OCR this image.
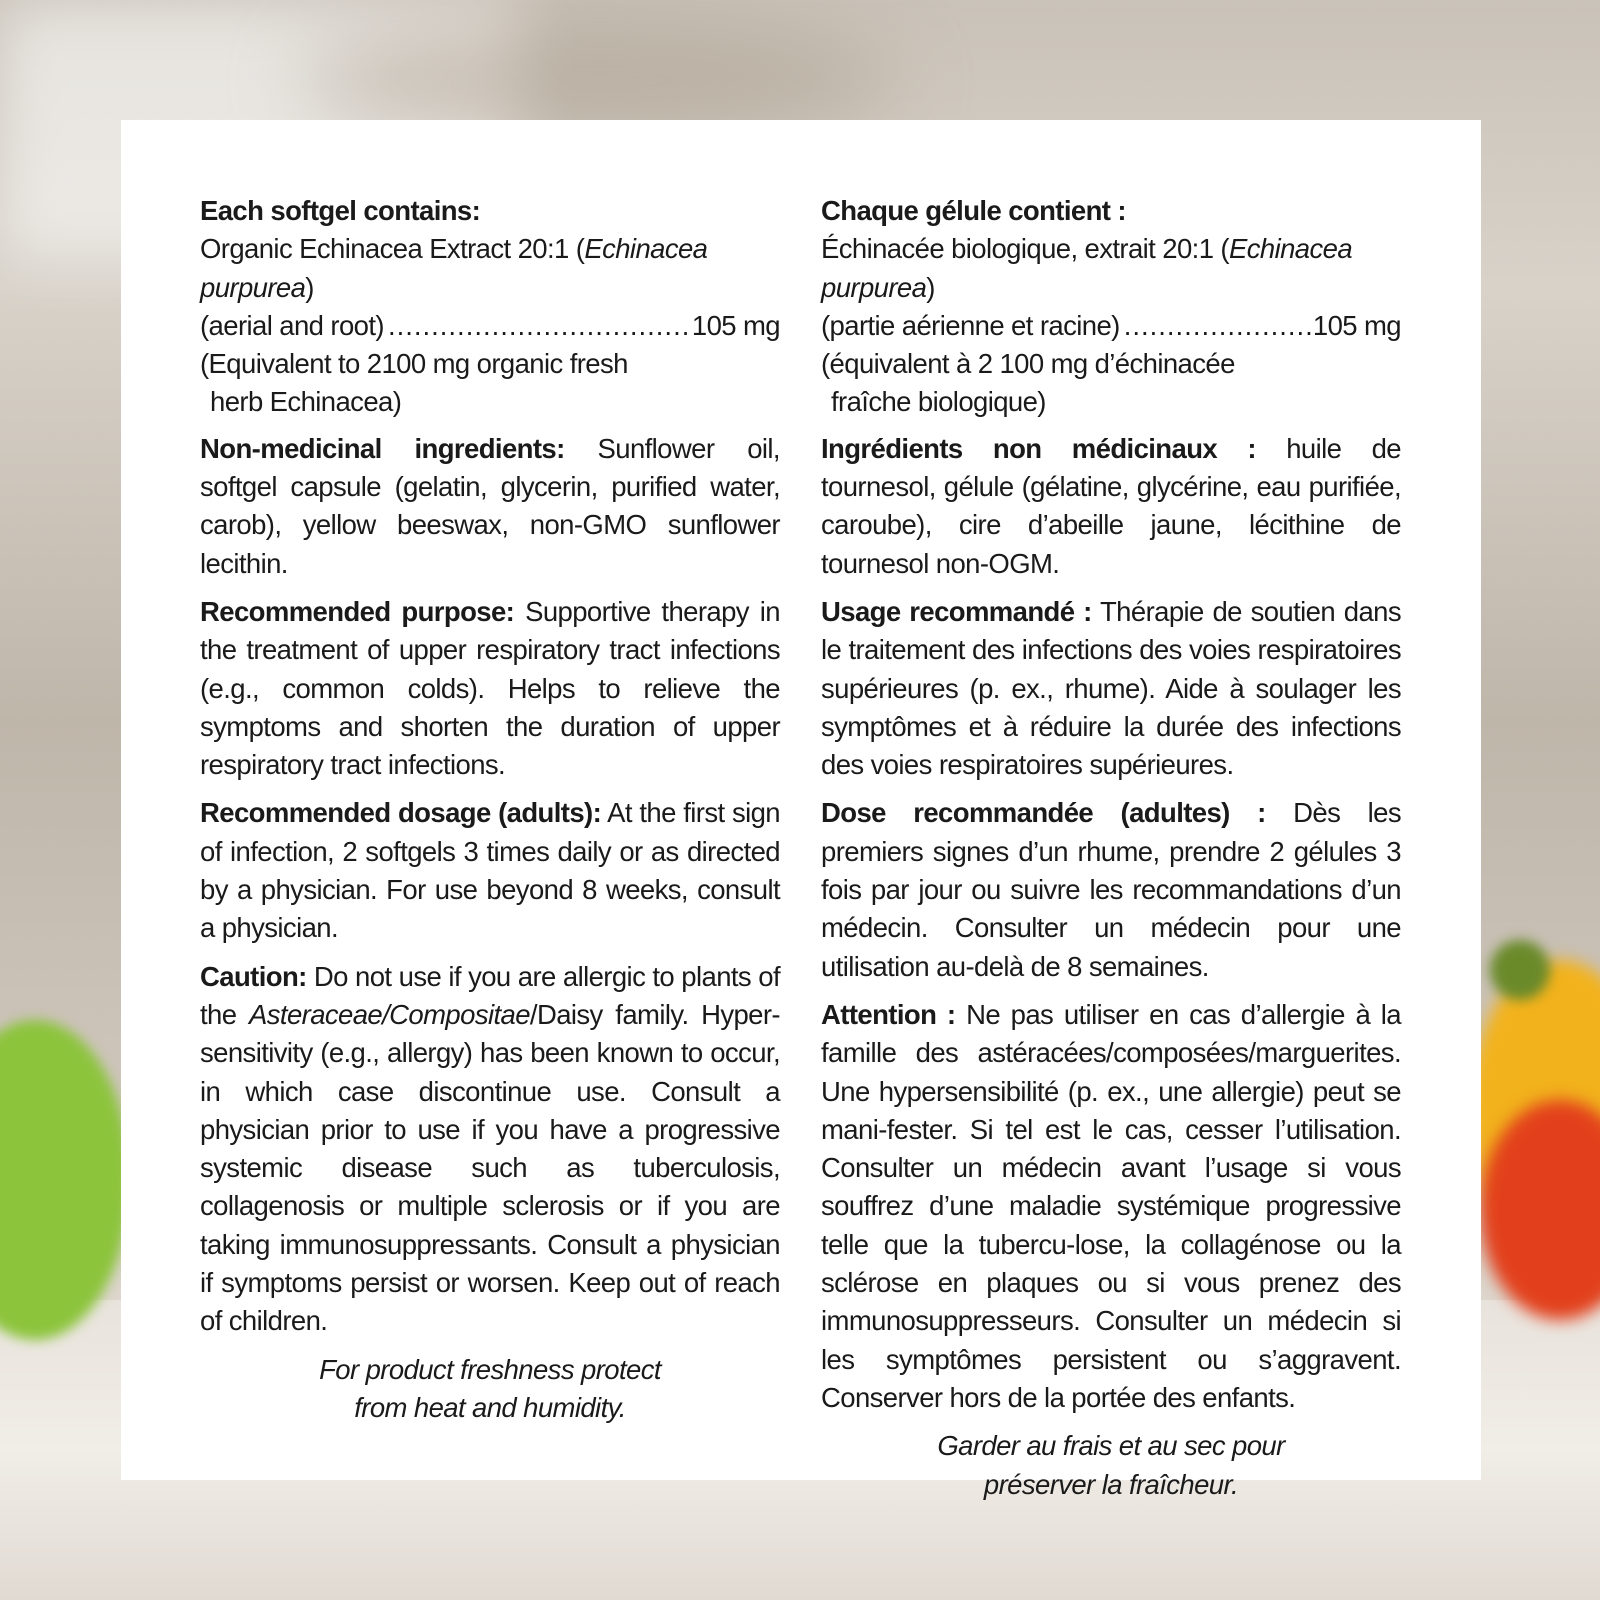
Each softgel contains:
Organic Echinacea Extract 20:1 (Echinacea
purpurea)
(aerial and root) .....	105 mg
(Equivalent to 2100 mg organic fresh
herb Echinacea)

Non-medicinal ingredients: Sunflower oil, softgel capsule (gelatin, glycerin, purified water, carob), yellow beeswax, non-GMO sunflower lecithin.

Recommended purpose: Supportive therapy in the treatment of upper respiratory tract infections (e.g., common colds). Helps to relieve the symptoms and shorten the duration of upper respiratory tract infections.

Recommended dosage (adults): At the first sign of infection, 2 softgels 3 times daily or as directed by a physician. For use beyond 8 weeks, consult a physician.

Caution: Do not use if you are allergic to plants of the Asteraceae/Compositae/Daisy family. Hyper-sensitivity (e.g., allergy) has been known to occur, in which case discontinue use. Consult a physician prior to use if you have a progressive systemic disease such as tuberculosis, collagenosis or multiple sclerosis or if you are taking immunosuppressants. Consult a physician if symptoms persist or worsen. Keep out of reach of children.

For product freshness protect
from heat and humidity.
Chaque gélule contient :
Échinacée biologique, extrait 20:1 (Echinacea purpurea)
(partie aérienne et racine) .....	105 mg
(équivalent à 2 100 mg d’échinacée
fraîche biologique)

Ingrédients non médicinaux : huile de tournesol, gélule (gélatine, glycérine, eau purifiée, caroube), cire d’abeille jaune, lécithine de tournesol non-OGM.

Usage recommandé : Thérapie de soutien dans le traitement des infections des voies respiratoires supérieures (p. ex., rhume). Aide à soulager les symptômes et à réduire la durée des infections des voies respiratoires supérieures.

Dose recommandée (adultes) : Dès les premiers signes d’un rhume, prendre 2 gélules 3 fois par jour ou suivre les recommandations d’un médecin. Consulter un médecin pour une utilisation au-delà de 8 semaines.

Attention : Ne pas utiliser en cas d’allergie à la famille des astéracées/composées/marguerites. Une hypersensibilité (p. ex., une allergie) peut se mani-fester. Si tel est le cas, cesser l’utilisation. Consulter un médecin avant l’usage si vous souffrez d’une maladie systémique progressive telle que la tubercu-lose, la collagénose ou la sclérose en plaques ou si vous prenez des immunosuppresseurs. Consulter un médecin si les symptômes persistent ou s’aggravent. Conserver hors de la portée des enfants.

Garder au frais et au sec pour
préserver la fraîcheur.
